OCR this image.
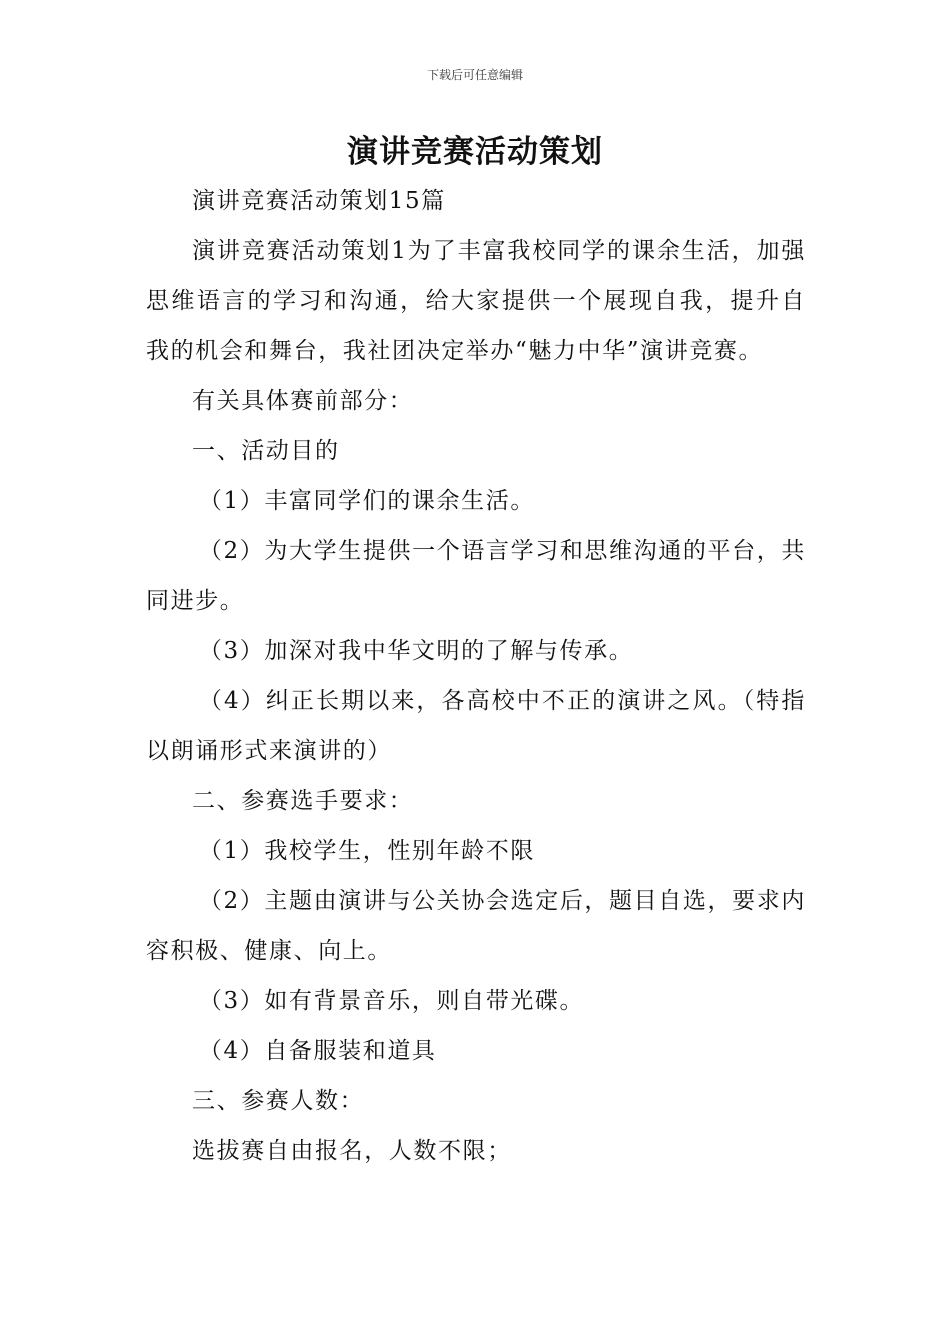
下载后可任意编辑
演讲竞赛活动策划

演讲竞赛活动策划15篇

演讲竞赛活动策划1为了丰富我校同学的课余生活，加强思维语言的学习和沟通，给大家提供一个展现自我，提升自我的机会和舞台，我社团决定举办“魅力中华”演讲竞赛。

有关具体赛前部分：

一、活动目的

（1）丰富同学们的课余生活。

（2）为大学生提供一个语言学习和思维沟通的平台，共同进步。

（3）加深对我中华文明的了解与传承。

（4）纠正长期以来，各高校中不正的演讲之风。（特指以朗诵形式来演讲的）

二、参赛选手要求：

（1）我校学生，性别年龄不限

（2）主题由演讲与公关协会选定后，题目自选，要求内容积极、健康、向上。

（3）如有背景音乐，则自带光碟。

（4）自备服装和道具

三、参赛人数：

选拔赛自由报名，人数不限；
